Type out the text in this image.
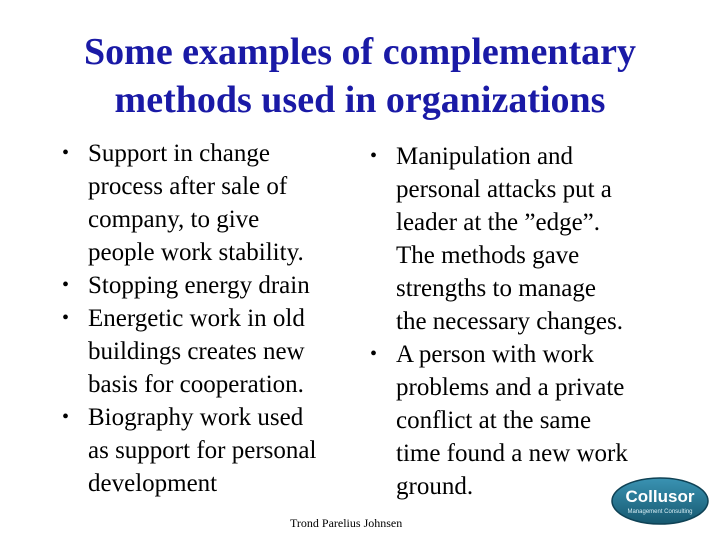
Some examples of complementary
methods used in organizations
• Support in change
process after sale of
company, to give
people work stability.
• Stopping energy drain
• Energetic work in old
buildings creates new
basis for cooperation.
• Biography work used
as support for personal
development
• Manipulation and
personal attacks put a
leader at the ”edge”.
The methods gave
strengths to manage
the necessary changes.
• A person with work
problems and a private
conflict at the same
time found a new work
ground.
Trond Parelius Johnsen
Collusor
Management Consulting
